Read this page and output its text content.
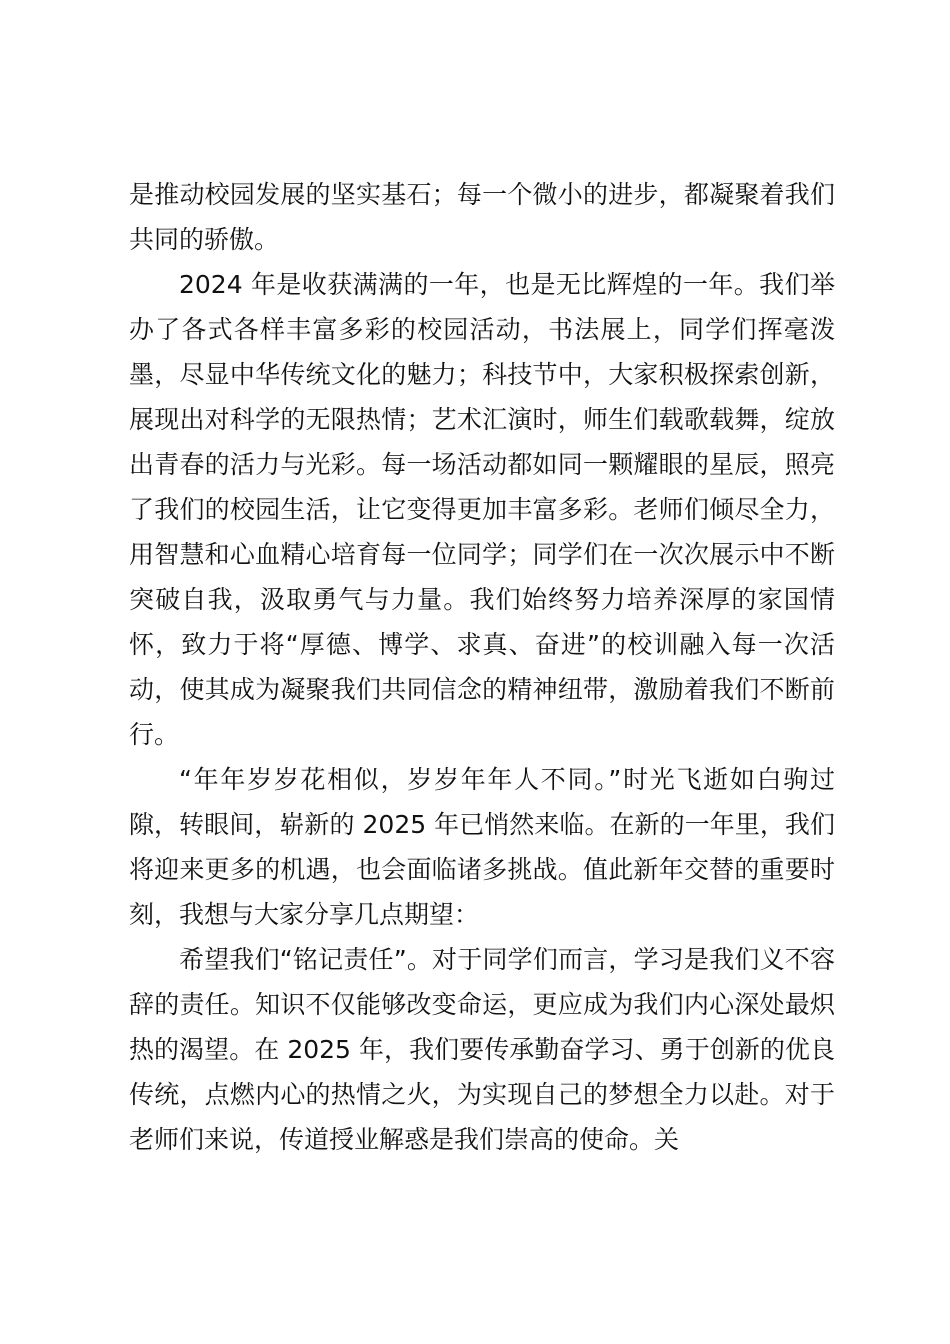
是推动校园发展的坚实基石；每一个微小的进步，都凝聚着我们共同的骄傲。

2024 年是收获满满的一年，也是无比辉煌的一年。我们举办了各式各样丰富多彩的校园活动，书法展上，同学们挥毫泼墨，尽显中华传统文化的魅力；科技节中，大家积极探索创新，展现出对科学的无限热情；艺术汇演时，师生们载歌载舞，绽放出青春的活力与光彩。每一场活动都如同一颗耀眼的星辰，照亮了我们的校园生活，让它变得更加丰富多彩。老师们倾尽全力，用智慧和心血精心培育每一位同学；同学们在一次次展示中不断突破自我，汲取勇气与力量。我们始终努力培养深厚的家国情怀，致力于将“厚德、博学、求真、奋进”的校训融入每一次活动，使其成为凝聚我们共同信念的精神纽带，激励着我们不断前行。

“年年岁岁花相似，岁岁年年人不同。”时光飞逝如白驹过隙，转眼间，崭新的 2025 年已悄然来临。在新的一年里，我们将迎来更多的机遇，也会面临诸多挑战。值此新年交替的重要时刻，我想与大家分享几点期望：

希望我们“铭记责任”。对于同学们而言，学习是我们义不容辞的责任。知识不仅能够改变命运，更应成为我们内心深处最炽热的渴望。在 2025 年，我们要传承勤奋学习、勇于创新的优良传统，点燃内心的热情之火，为实现自己的梦想全力以赴。对于老师们来说，传道授业解惑是我们崇高的使命。关
